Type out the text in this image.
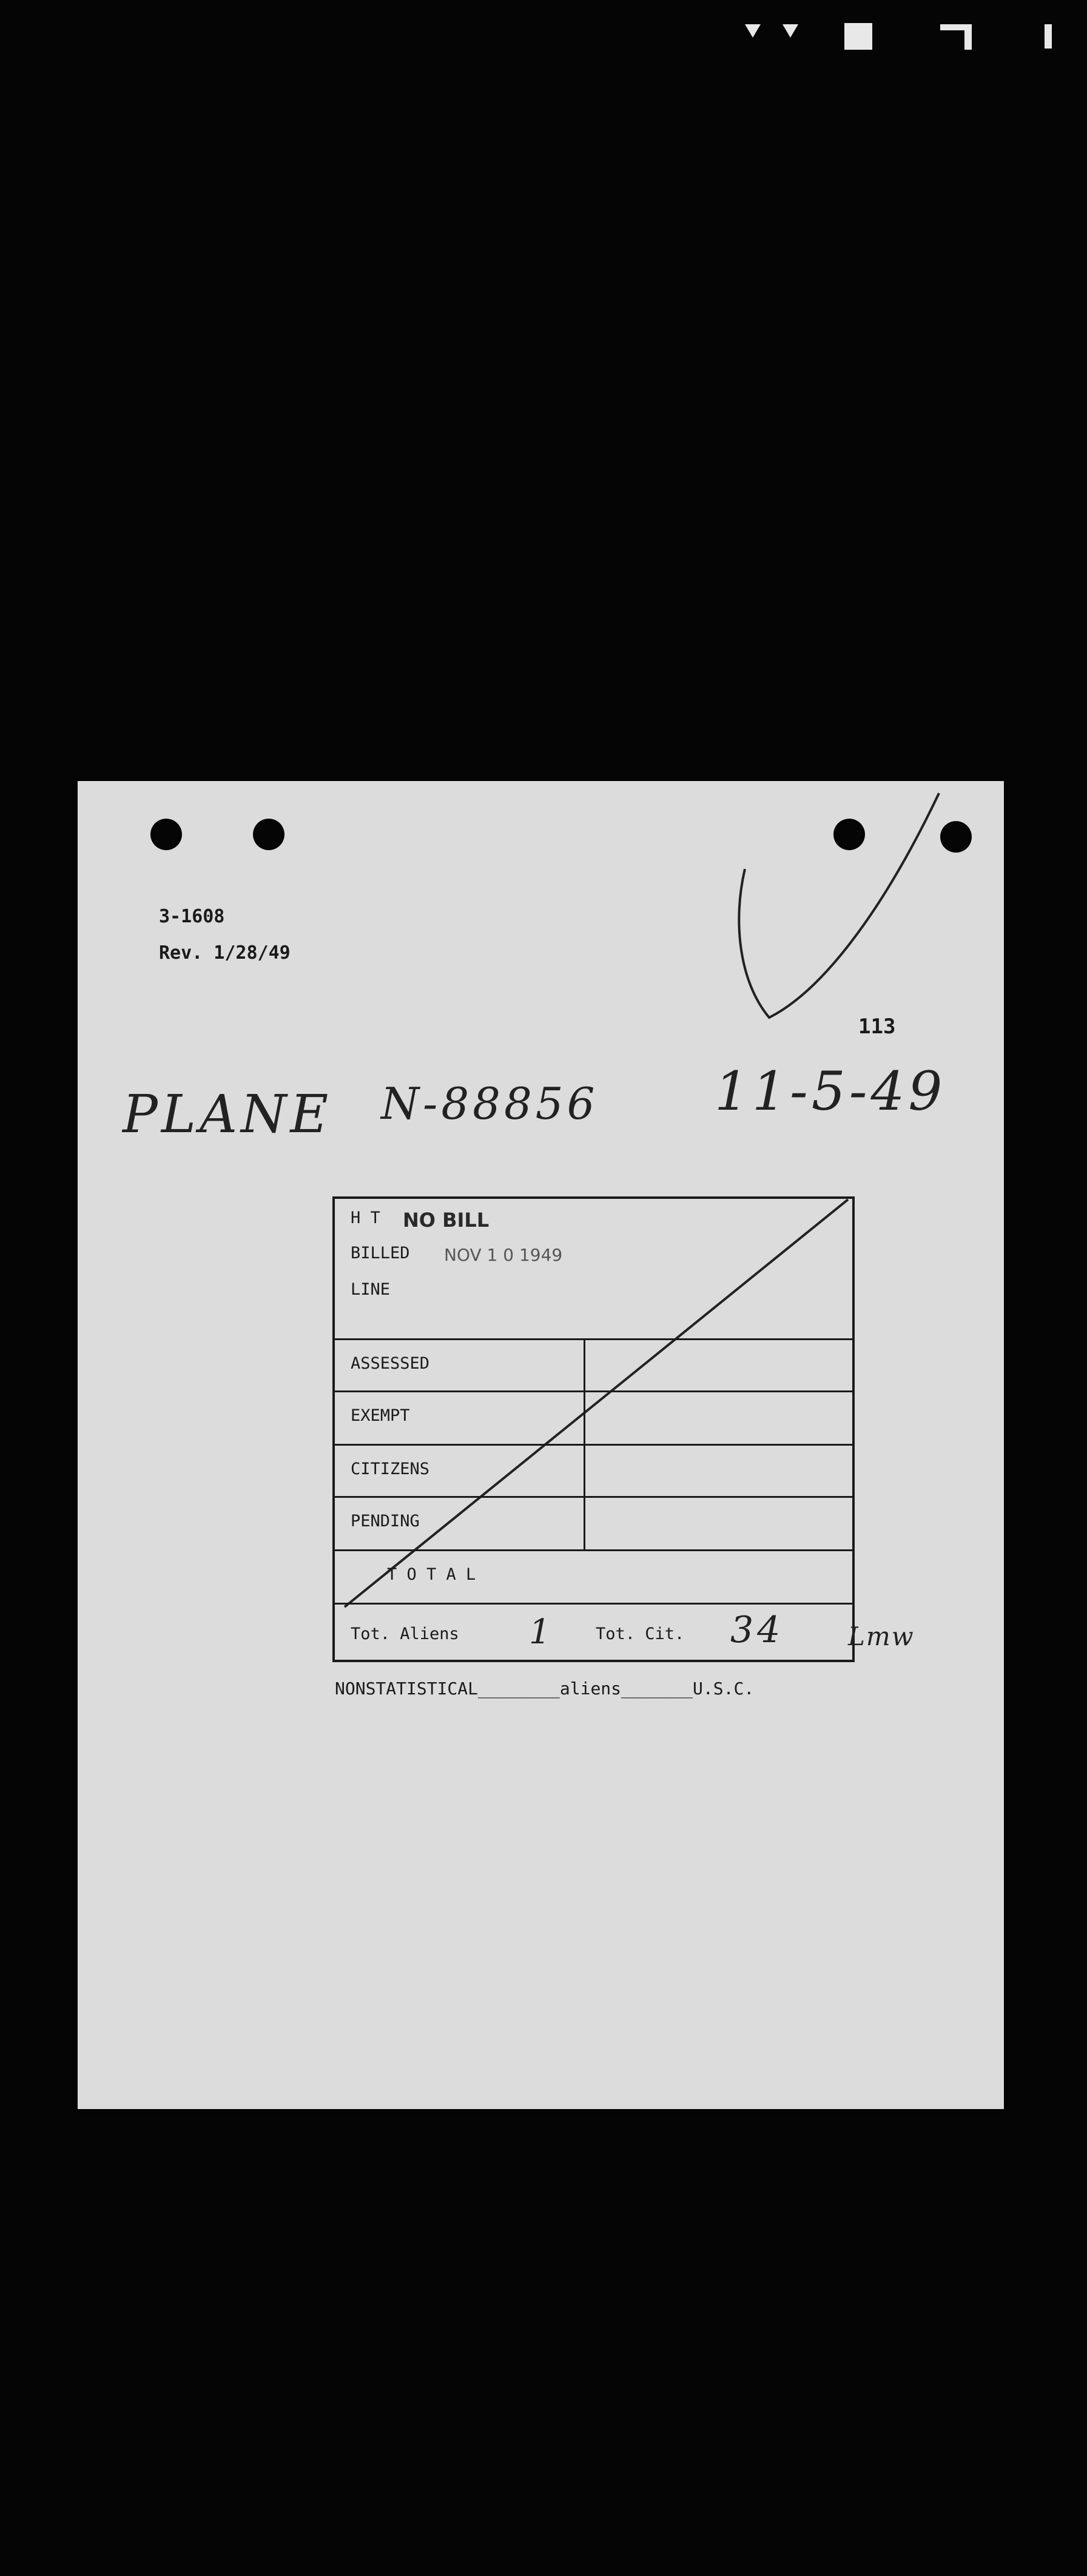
3-1608
Rev. 1/28/49
113
PLANE N-88856 11-5-49
NO BILL
NOV 1 0 1949
H T
BILLED
LINE
ASSESSED
EXEMPT
CITIZENS
PENDING
T O T A L
Tot. Aliens 1	Tot. Cit. 34	Lmw
NONSTATISTICAL________aliens_______U.S.C.
